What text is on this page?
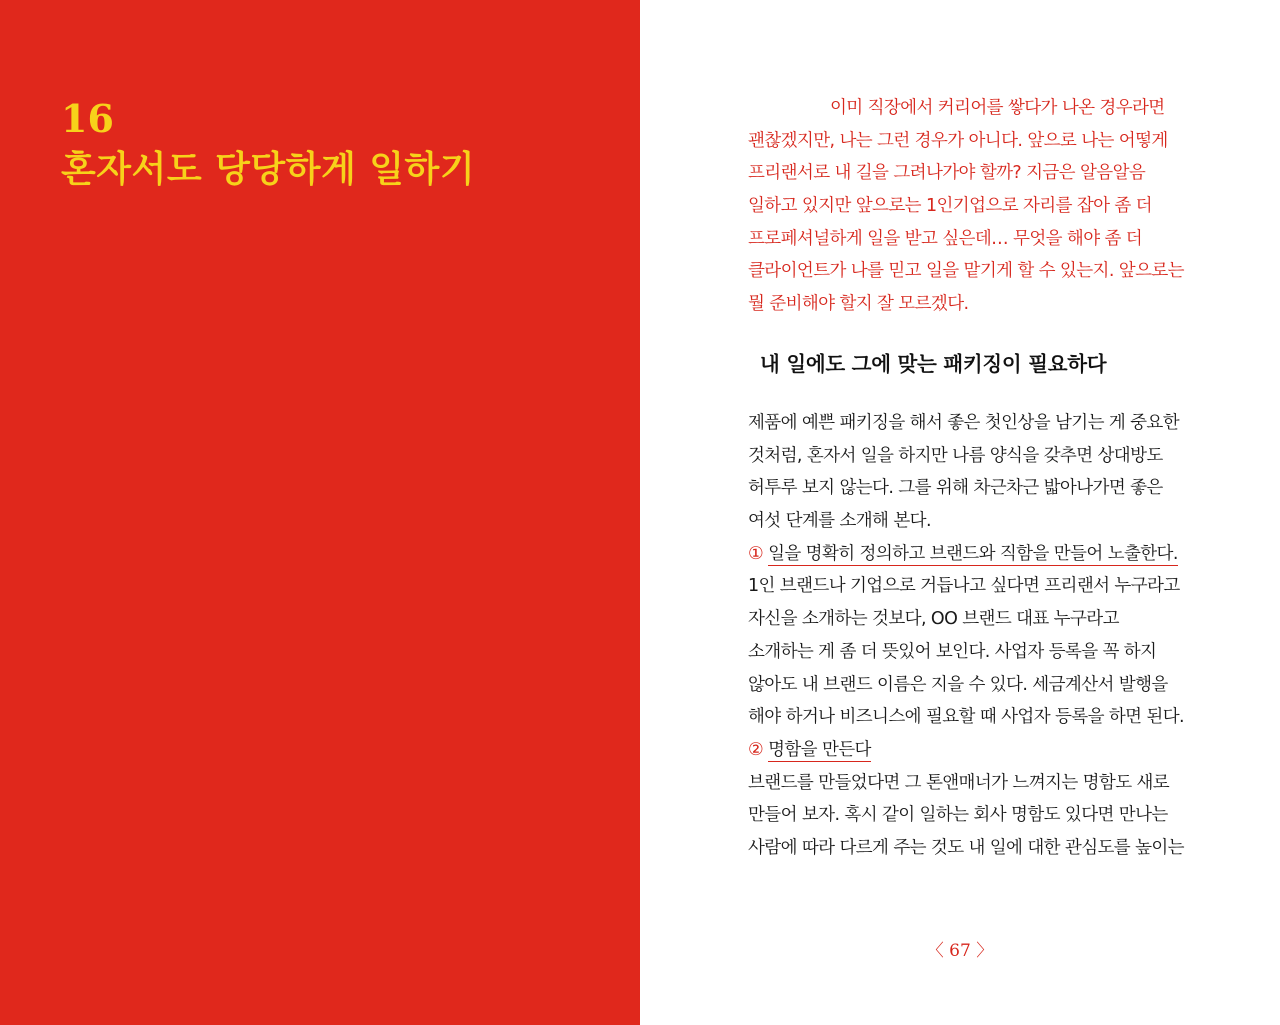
16
혼자서도 당당하게 일하기
이미 직장에서 커리어를 쌓다가 나온 경우라면
괜찮겠지만, 나는 그런 경우가 아니다. 앞으로 나는 어떻게
프리랜서로 내 길을 그려나가야 할까? 지금은 알음알음
일하고 있지만 앞으로는 1인기업으로 자리를 잡아 좀 더
프로페셔널하게 일을 받고 싶은데… 무엇을 해야 좀 더
클라이언트가 나를 믿고 일을 맡기게 할 수 있는지. 앞으로는
뭘 준비해야 할지 잘 모르겠다.
내 일에도 그에 맞는 패키징이 필요하다
제품에 예쁜 패키징을 해서 좋은 첫인상을 남기는 게 중요한
것처럼, 혼자서 일을 하지만 나름 양식을 갖추면 상대방도
허투루 보지 않는다. 그를 위해 차근차근 밟아나가면 좋은
여섯 단계를 소개해 본다.
① 일을 명확히 정의하고 브랜드와 직함을 만들어 노출한다.
1인 브랜드나 기업으로 거듭나고 싶다면 프리랜서 누구라고
자신을 소개하는 것보다, OO 브랜드 대표 누구라고
소개하는 게 좀 더 뜻있어 보인다. 사업자 등록을 꼭 하지
않아도 내 브랜드 이름은 지을 수 있다. 세금계산서 발행을
해야 하거나 비즈니스에 필요할 때 사업자 등록을 하면 된다.
② 명함을 만든다
브랜드를 만들었다면 그 톤앤매너가 느껴지는 명함도 새로
만들어 보자. 혹시 같이 일하는 회사 명함도 있다면 만나는
사람에 따라 다르게 주는 것도 내 일에 대한 관심도를 높이는
〈 67 〉
